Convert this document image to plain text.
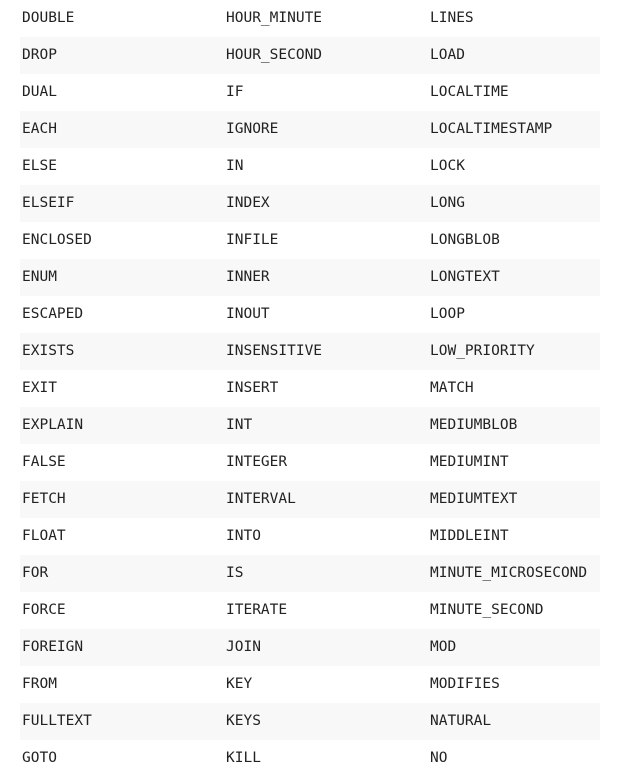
DOUBLE	HOUR_MINUTE	LINES
DROP	HOUR_SECOND	LOAD
DUAL	IF	LOCALTIME
EACH	IGNORE	LOCALTIMESTAMP
ELSE	IN	LOCK
ELSEIF	INDEX	LONG
ENCLOSED	INFILE	LONGBLOB
ENUM	INNER	LONGTEXT
ESCAPED	INOUT	LOOP
EXISTS	INSENSITIVE	LOW_PRIORITY
EXIT	INSERT	MATCH
EXPLAIN	INT	MEDIUMBLOB
FALSE	INTEGER	MEDIUMINT
FETCH	INTERVAL	MEDIUMTEXT
FLOAT	INTO	MIDDLEINT
FOR	IS	MINUTE_MICROSECOND
FORCE	ITERATE	MINUTE_SECOND
FOREIGN	JOIN	MOD
FROM	KEY	MODIFIES
FULLTEXT	KEYS	NATURAL
GOTO	KILL	NO
